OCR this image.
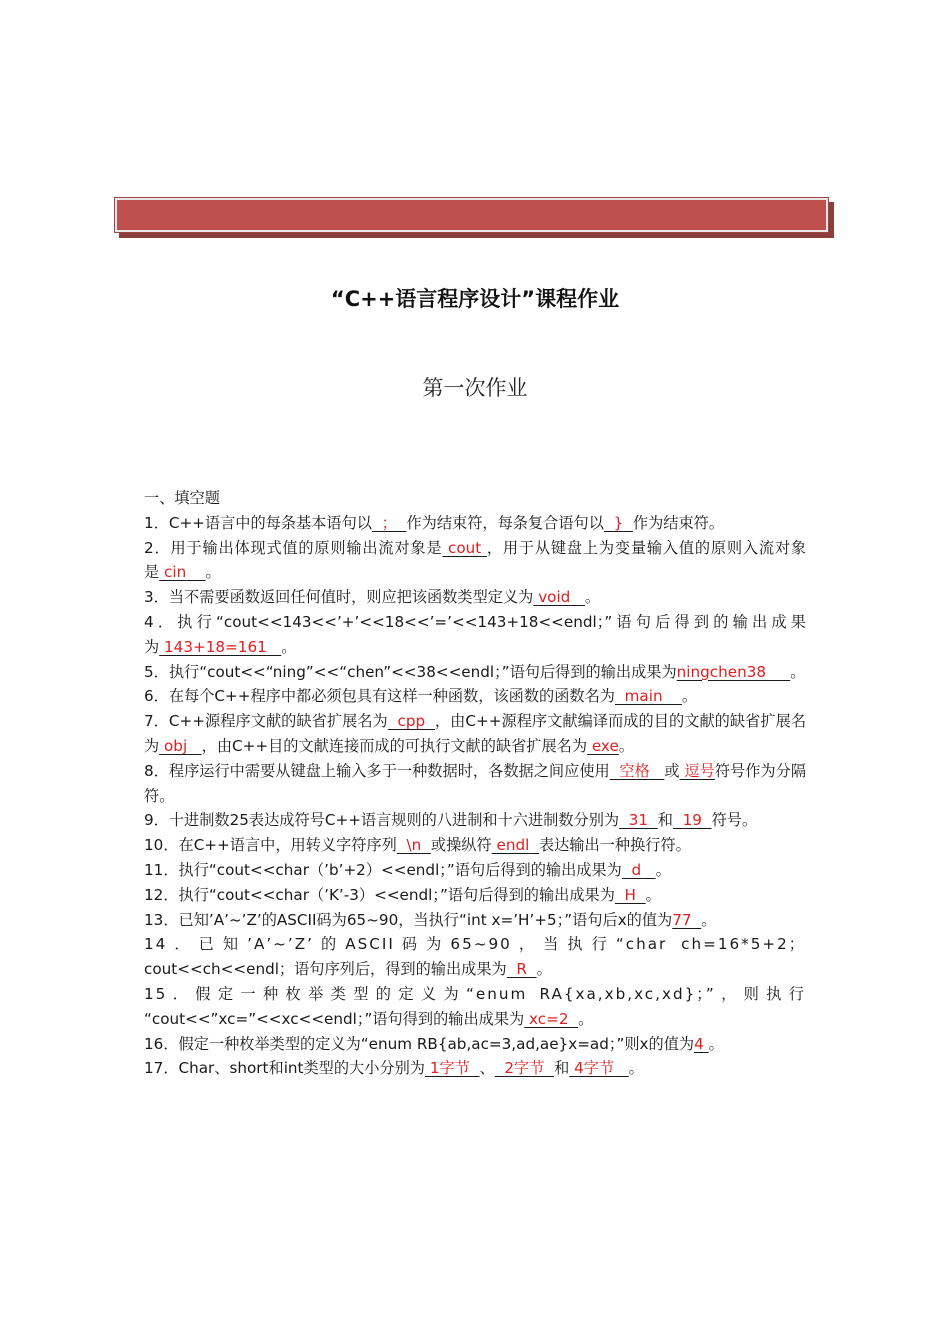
“C++语言程序设计”课程作业
第一次作业

一、填空题

1．C++语言中的每条基本语句以 ； 作为结束符，每条复合语句以 } 作为结束符。

2．用于输出体现式值的原则输出流对象是 cout ，用于从键盘上为变量输入值的原则入流对象是 cin 。

3．当不需要函数返回任何值时，则应把该函数类型定义为 void 。

4．执行“cout<<143<<’+’<<18<<’=’<<143+18<<endl；”语句后得到的输出成果为 143+18=161 。

5．执行“cout<<“ning”<<“chen”<<38<<endl；”语句后得到的输出成果为ningchen38 。

6．在每个C++程序中都必须包具有这样一种函数，该函数的函数名为 main 。

7．C++源程序文献的缺省扩展名为 cpp ，由C++源程序文献编译而成的目的文献的缺省扩展名为 obj ，由C++目的文献连接而成的可执行文献的缺省扩展名为 exe。

8．程序运行中需要从键盘上输入多于一种数据时，各数据之间应使用 空格 或 逗号符号作为分隔符。

9．十进制数25表达成符号C++语言规则的八进制和十六进制数分别为 31 和 19 符号。

10．在C++语言中，用转义字符序列 \n 或操纵符 endl 表达输出一种换行符。

11．执行“cout<<char（’b’+2）<<endl；”语句后得到的输出成果为 d 。

12．执行“cout<<char（’K’-3）<<endl；”语句后得到的输出成果为 H 。

13．已知’A’~’Z’的ASCII码为65~90，当执行“int x=’H’+5；”语句后x的值为77 。

14．已知’A’~’Z’的ASCII码为65~90，当执行“char ch=16*5+2；

cout<<ch<<endl；语句序列后，得到的输出成果为 R 。

15．假定一种枚举类型的定义为“enum RA{xa,xb,xc,xd}；”，则执行

“cout<<”xc=”<<xc<<endl；”语句得到的输出成果为 xc=2 。

16．假定一种枚举类型的定义为“enum RB{ab,ac=3,ad,ae}x=ad；”则x的值为4 。

17．Char、short和int类型的大小分别为 1字节 、 2字节 和 4字节 。
